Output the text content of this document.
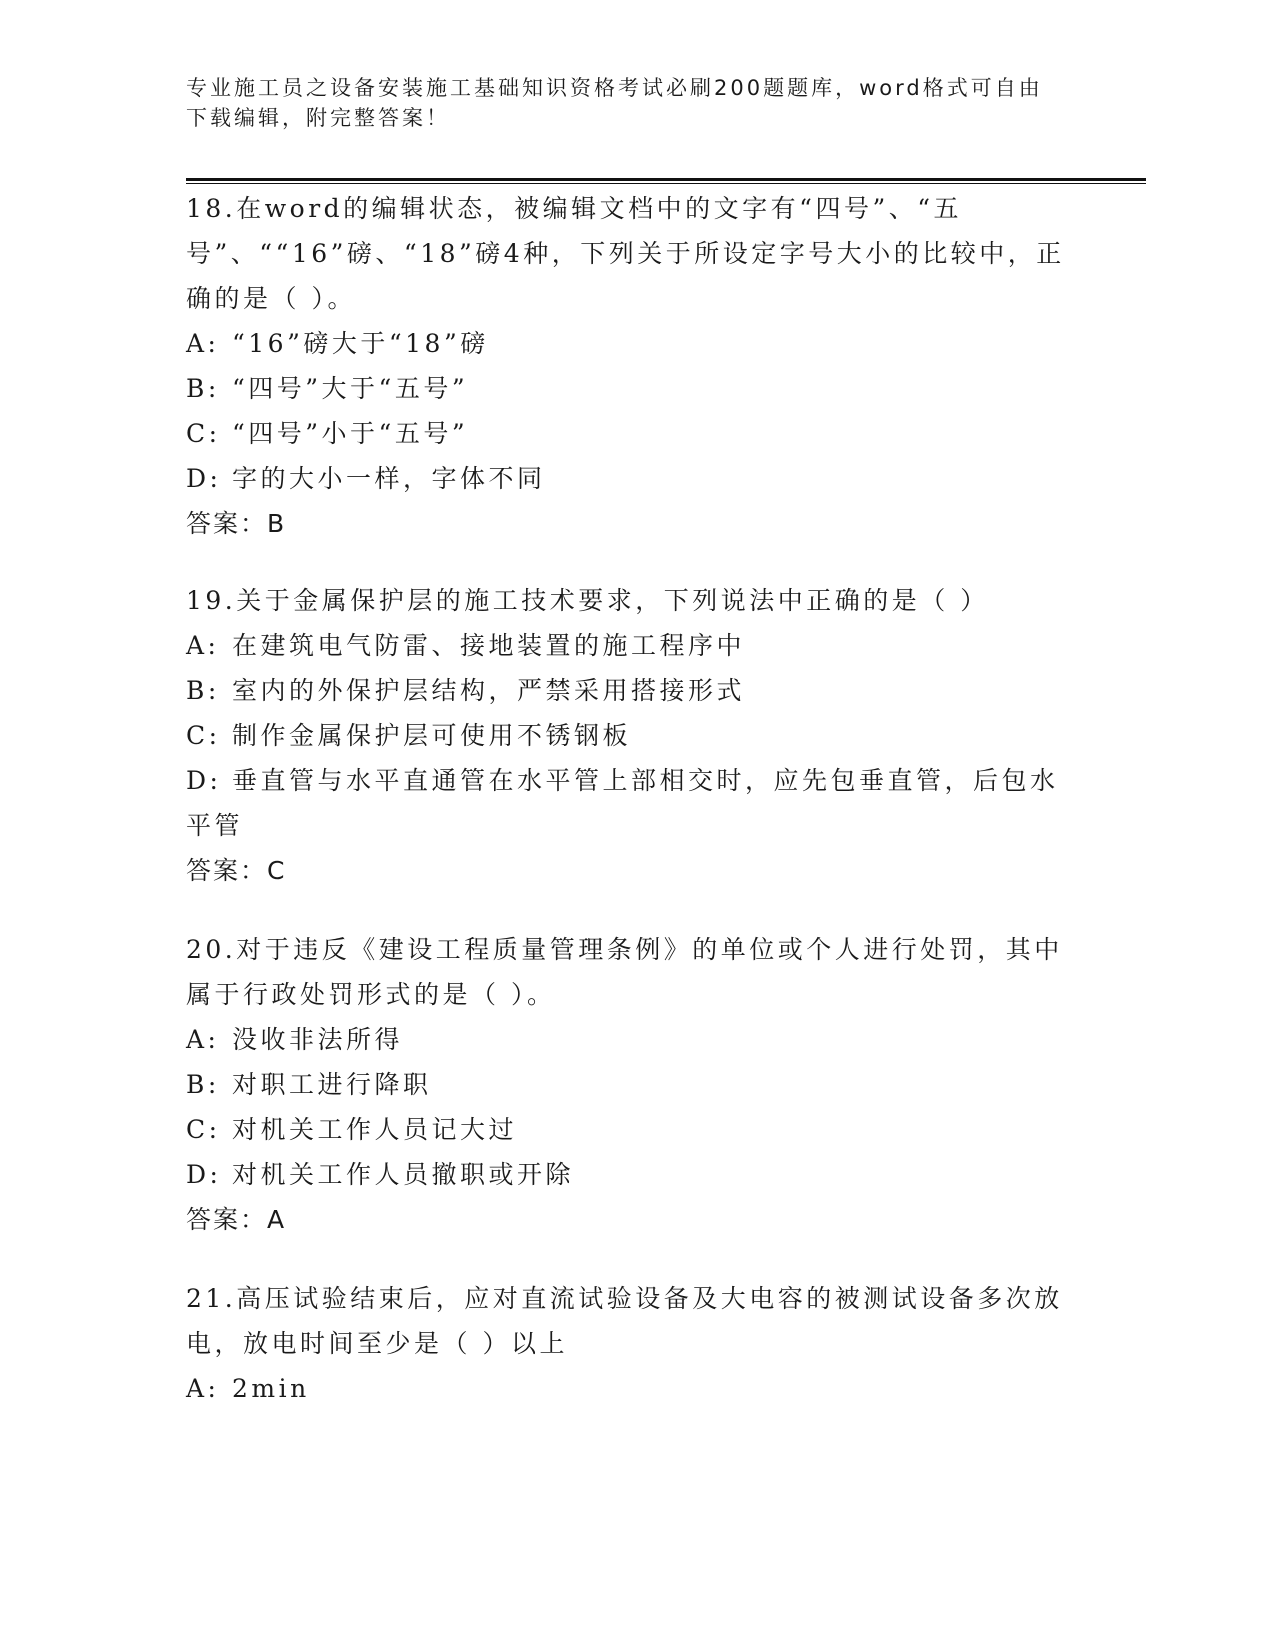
专业施工员之设备安装施工基础知识资格考试必刷200题题库，word格式可自由下载编辑，附完整答案！

18.在word的编辑状态，被编辑文档中的文字有“四号”、“五号”、““16”磅、“18”磅4种，下列关于所设定字号大小的比较中，正确的是（ ）。

A: “16”磅大于“18”磅

B: “四号”大于“五号”

C: “四号”小于“五号”

D: 字的大小一样，字体不同

答案：B

19.关于金属保护层的施工技术要求，下列说法中正确的是（ ）

A: 在建筑电气防雷、接地装置的施工程序中

B: 室内的外保护层结构，严禁采用搭接形式

C: 制作金属保护层可使用不锈钢板

D: 垂直管与水平直通管在水平管上部相交时，应先包垂直管，后包水平管

答案：C

20.对于违反《建设工程质量管理条例》的单位或个人进行处罚，其中属于行政处罚形式的是（ ）。

A: 没收非法所得

B: 对职工进行降职

C: 对机关工作人员记大过

D: 对机关工作人员撤职或开除

答案：A

21.高压试验结束后，应对直流试验设备及大电容的被测试设备多次放电，放电时间至少是（ ）以上

A: 2min
